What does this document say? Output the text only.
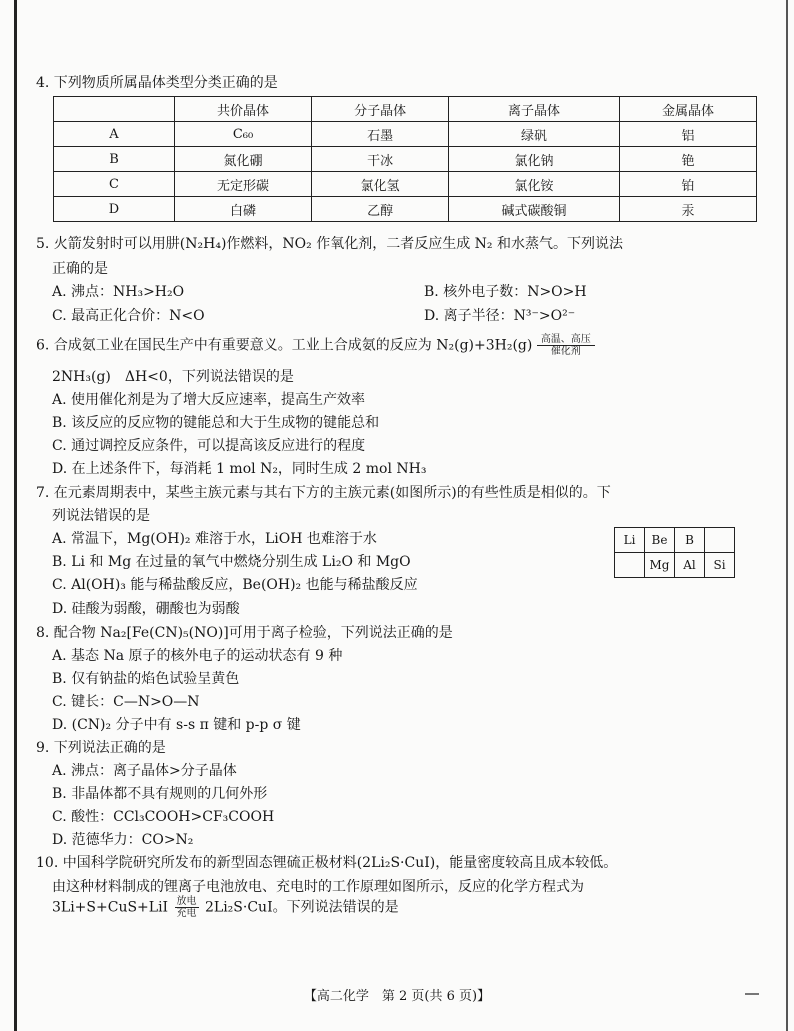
4. 下列物质所属晶体类型分类正确的是
	共价晶体	分子晶体	离子晶体	金属晶体
A	C₆₀	石墨	绿矾	铝
B	氮化硼	干冰	氯化钠	铯
C	无定形碳	氯化氢	氯化铵	铂
D	白磷	乙醇	碱式碳酸铜	汞
5. 火箭发射时可以用肼(N₂H₄)作燃料，NO₂ 作氧化剂，二者反应生成 N₂ 和水蒸气。下列说法
正确的是
A. 沸点：NH₃>H₂O	B. 核外电子数：N>O>H
C. 最高正化合价：N<O	D. 离子半径：N³⁻>O²⁻
6. 合成氨工业在国民生产中有重要意义。工业上合成氨的反应为 N₂(g)+3H₂(g) 高温、高压
催化剂
2NH₃(g)　ΔH<0，下列说法错误的是
A. 使用催化剂是为了增大反应速率，提高生产效率
B. 该反应的反应物的键能总和大于生成物的键能总和
C. 通过调控反应条件，可以提高该反应进行的程度
D. 在上述条件下，每消耗 1 mol N₂，同时生成 2 mol NH₃
7. 在元素周期表中，某些主族元素与其右下方的主族元素(如图所示)的有些性质是相似的。下
列说法错误的是
A. 常温下，Mg(OH)₂ 难溶于水，LiOH 也难溶于水
B. Li 和 Mg 在过量的氧气中燃烧分别生成 Li₂O 和 MgO
C. Al(OH)₃ 能与稀盐酸反应，Be(OH)₂ 也能与稀盐酸反应
D. 硅酸为弱酸，硼酸也为弱酸
Li	Be	B	
	Mg	Al	Si
8. 配合物 Na₂[Fe(CN)₅(NO)]可用于离子检验，下列说法正确的是
A. 基态 Na 原子的核外电子的运动状态有 9 种
B. 仅有钠盐的焰色试验呈黄色
C. 键长：C—N>O—N
D. (CN)₂ 分子中有 s-s π 键和 p-p σ 键
9. 下列说法正确的是
A. 沸点：离子晶体>分子晶体
B. 非晶体都不具有规则的几何外形
C. 酸性：CCl₃COOH>CF₃COOH
D. 范德华力：CO>N₂
10. 中国科学院研究所发布的新型固态锂硫正极材料(2Li₂S·CuI)，能量密度较高且成本较低。
由这种材料制成的锂离子电池放电、充电时的工作原理如图所示，反应的化学方程式为
$3Li+S+CuS+LiI \frac{\text{放电}}{\text{充电}} 2Li_2S\cdot CuI$。下列说法错误的是
【高二化学　第 2 页(共 6 页)】
